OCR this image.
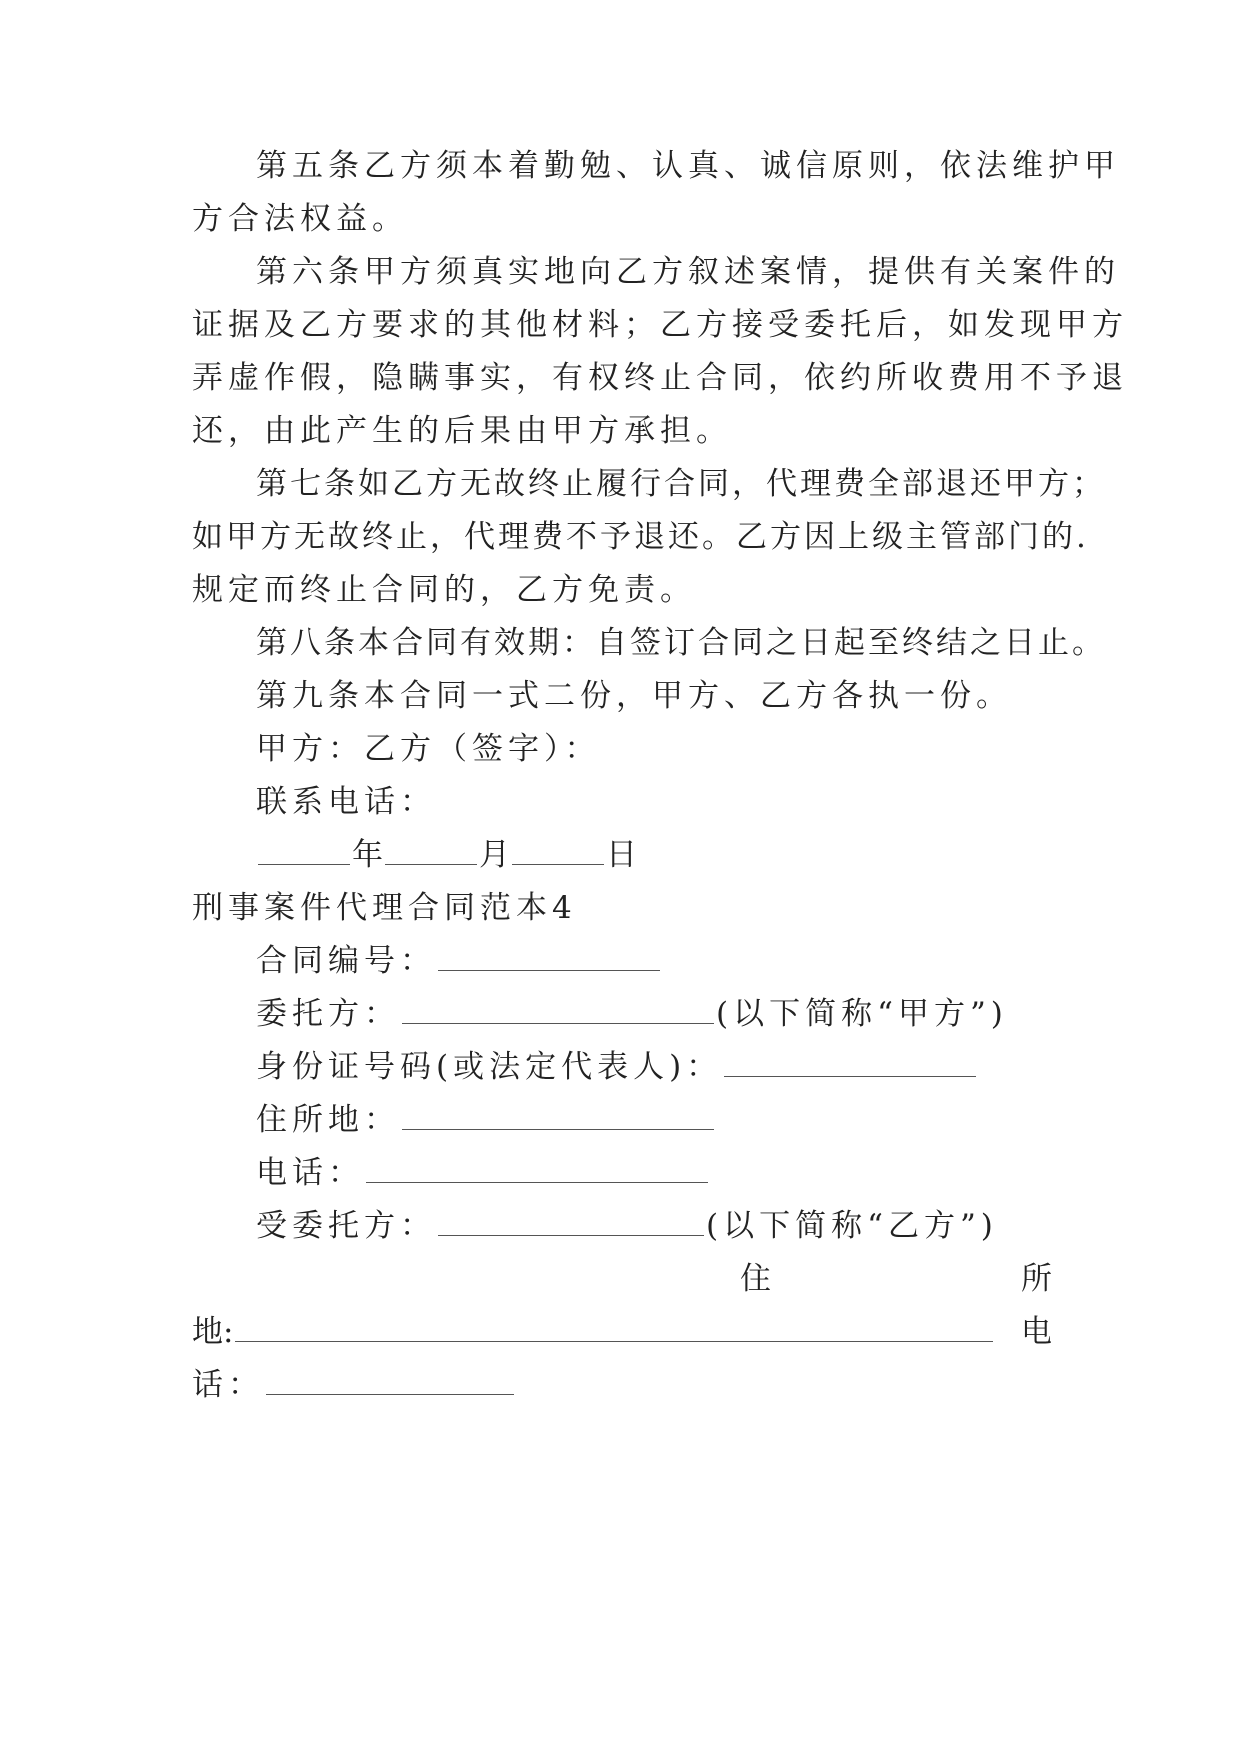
第五条乙方须本着勤勉、认真、诚信原则，依法维护甲
方合法权益。
第六条甲方须真实地向乙方叙述案情，提供有关案件的
证据及乙方要求的其他材料；乙方接受委托后，如发现甲方
弄虚作假，隐瞒事实，有权终止合同，依约所收费用不予退
还，由此产生的后果由甲方承担。
第七条如乙方无故终止履行合同，代理费全部退还甲方；
如甲方无故终止，代理费不予退还。乙方因上级主管部门的.
规定而终止合同的，乙方免责。
第八条本合同有效期：自签订合同之日起至终结之日止。
第九条本合同一式二份，甲方、乙方各执一份。
甲方：乙方（签字）：
联系电话：
年	月	日
刑事案件代理合同范本4
合同编号：
委托方：	(以下简称“甲方”)
身份证号码(或法定代表人)：
住所地：
电话：
受委托方：	(以下简称“乙方”)
住	所
地:	电
话：
